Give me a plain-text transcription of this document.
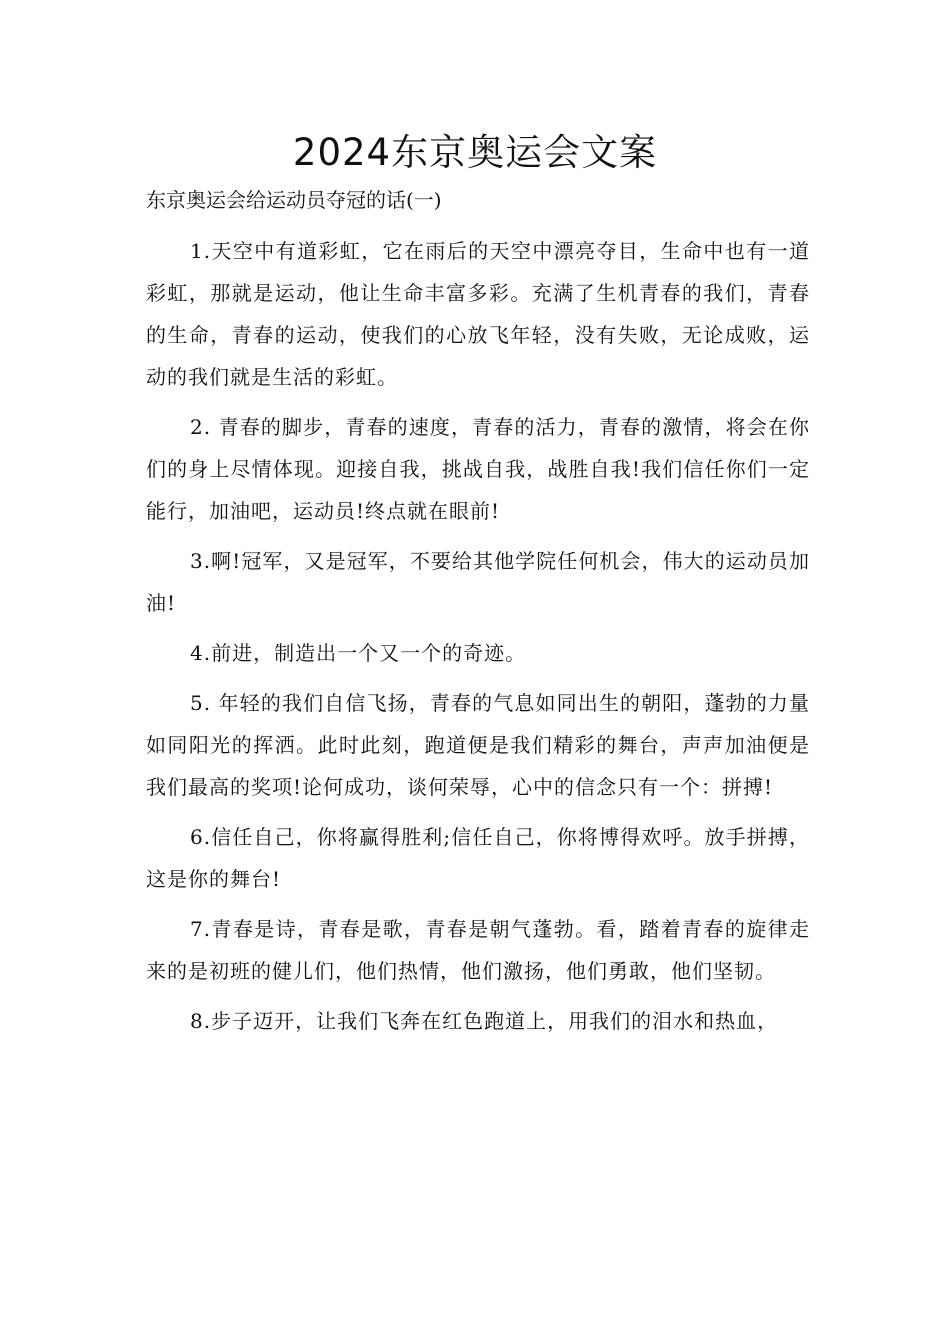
2024东京奥运会文案
东京奥运会给运动员夺冠的话(一)

1.天空中有道彩虹，它在雨后的天空中漂亮夺目，生命中也有一道彩虹，那就是运动，他让生命丰富多彩。充满了生机青春的我们，青春的生命，青春的运动，使我们的心放飞年轻，没有失败，无论成败，运动的我们就是生活的彩虹。

2. 青春的脚步，青春的速度，青春的活力，青春的激情，将会在你们的身上尽情体现。迎接自我，挑战自我，战胜自我!我们信任你们一定能行，加油吧，运动员!终点就在眼前!

3.啊!冠军，又是冠军，不要给其他学院任何机会，伟大的运动员加油!

4.前进，制造出一个又一个的奇迹。

5. 年轻的我们自信飞扬，青春的气息如同出生的朝阳，蓬勃的力量如同阳光的挥洒。此时此刻，跑道便是我们精彩的舞台，声声加油便是我们最高的奖项!论何成功，谈何荣辱，心中的信念只有一个：拼搏!

6.信任自己，你将赢得胜利;信任自己，你将博得欢呼。放手拼搏，这是你的舞台!

7.青春是诗，青春是歌，青春是朝气蓬勃。看，踏着青春的旋律走来的是初班的健儿们，他们热情，他们激扬，他们勇敢，他们坚韧。

8.步子迈开，让我们飞奔在红色跑道上，用我们的泪水和热血，
